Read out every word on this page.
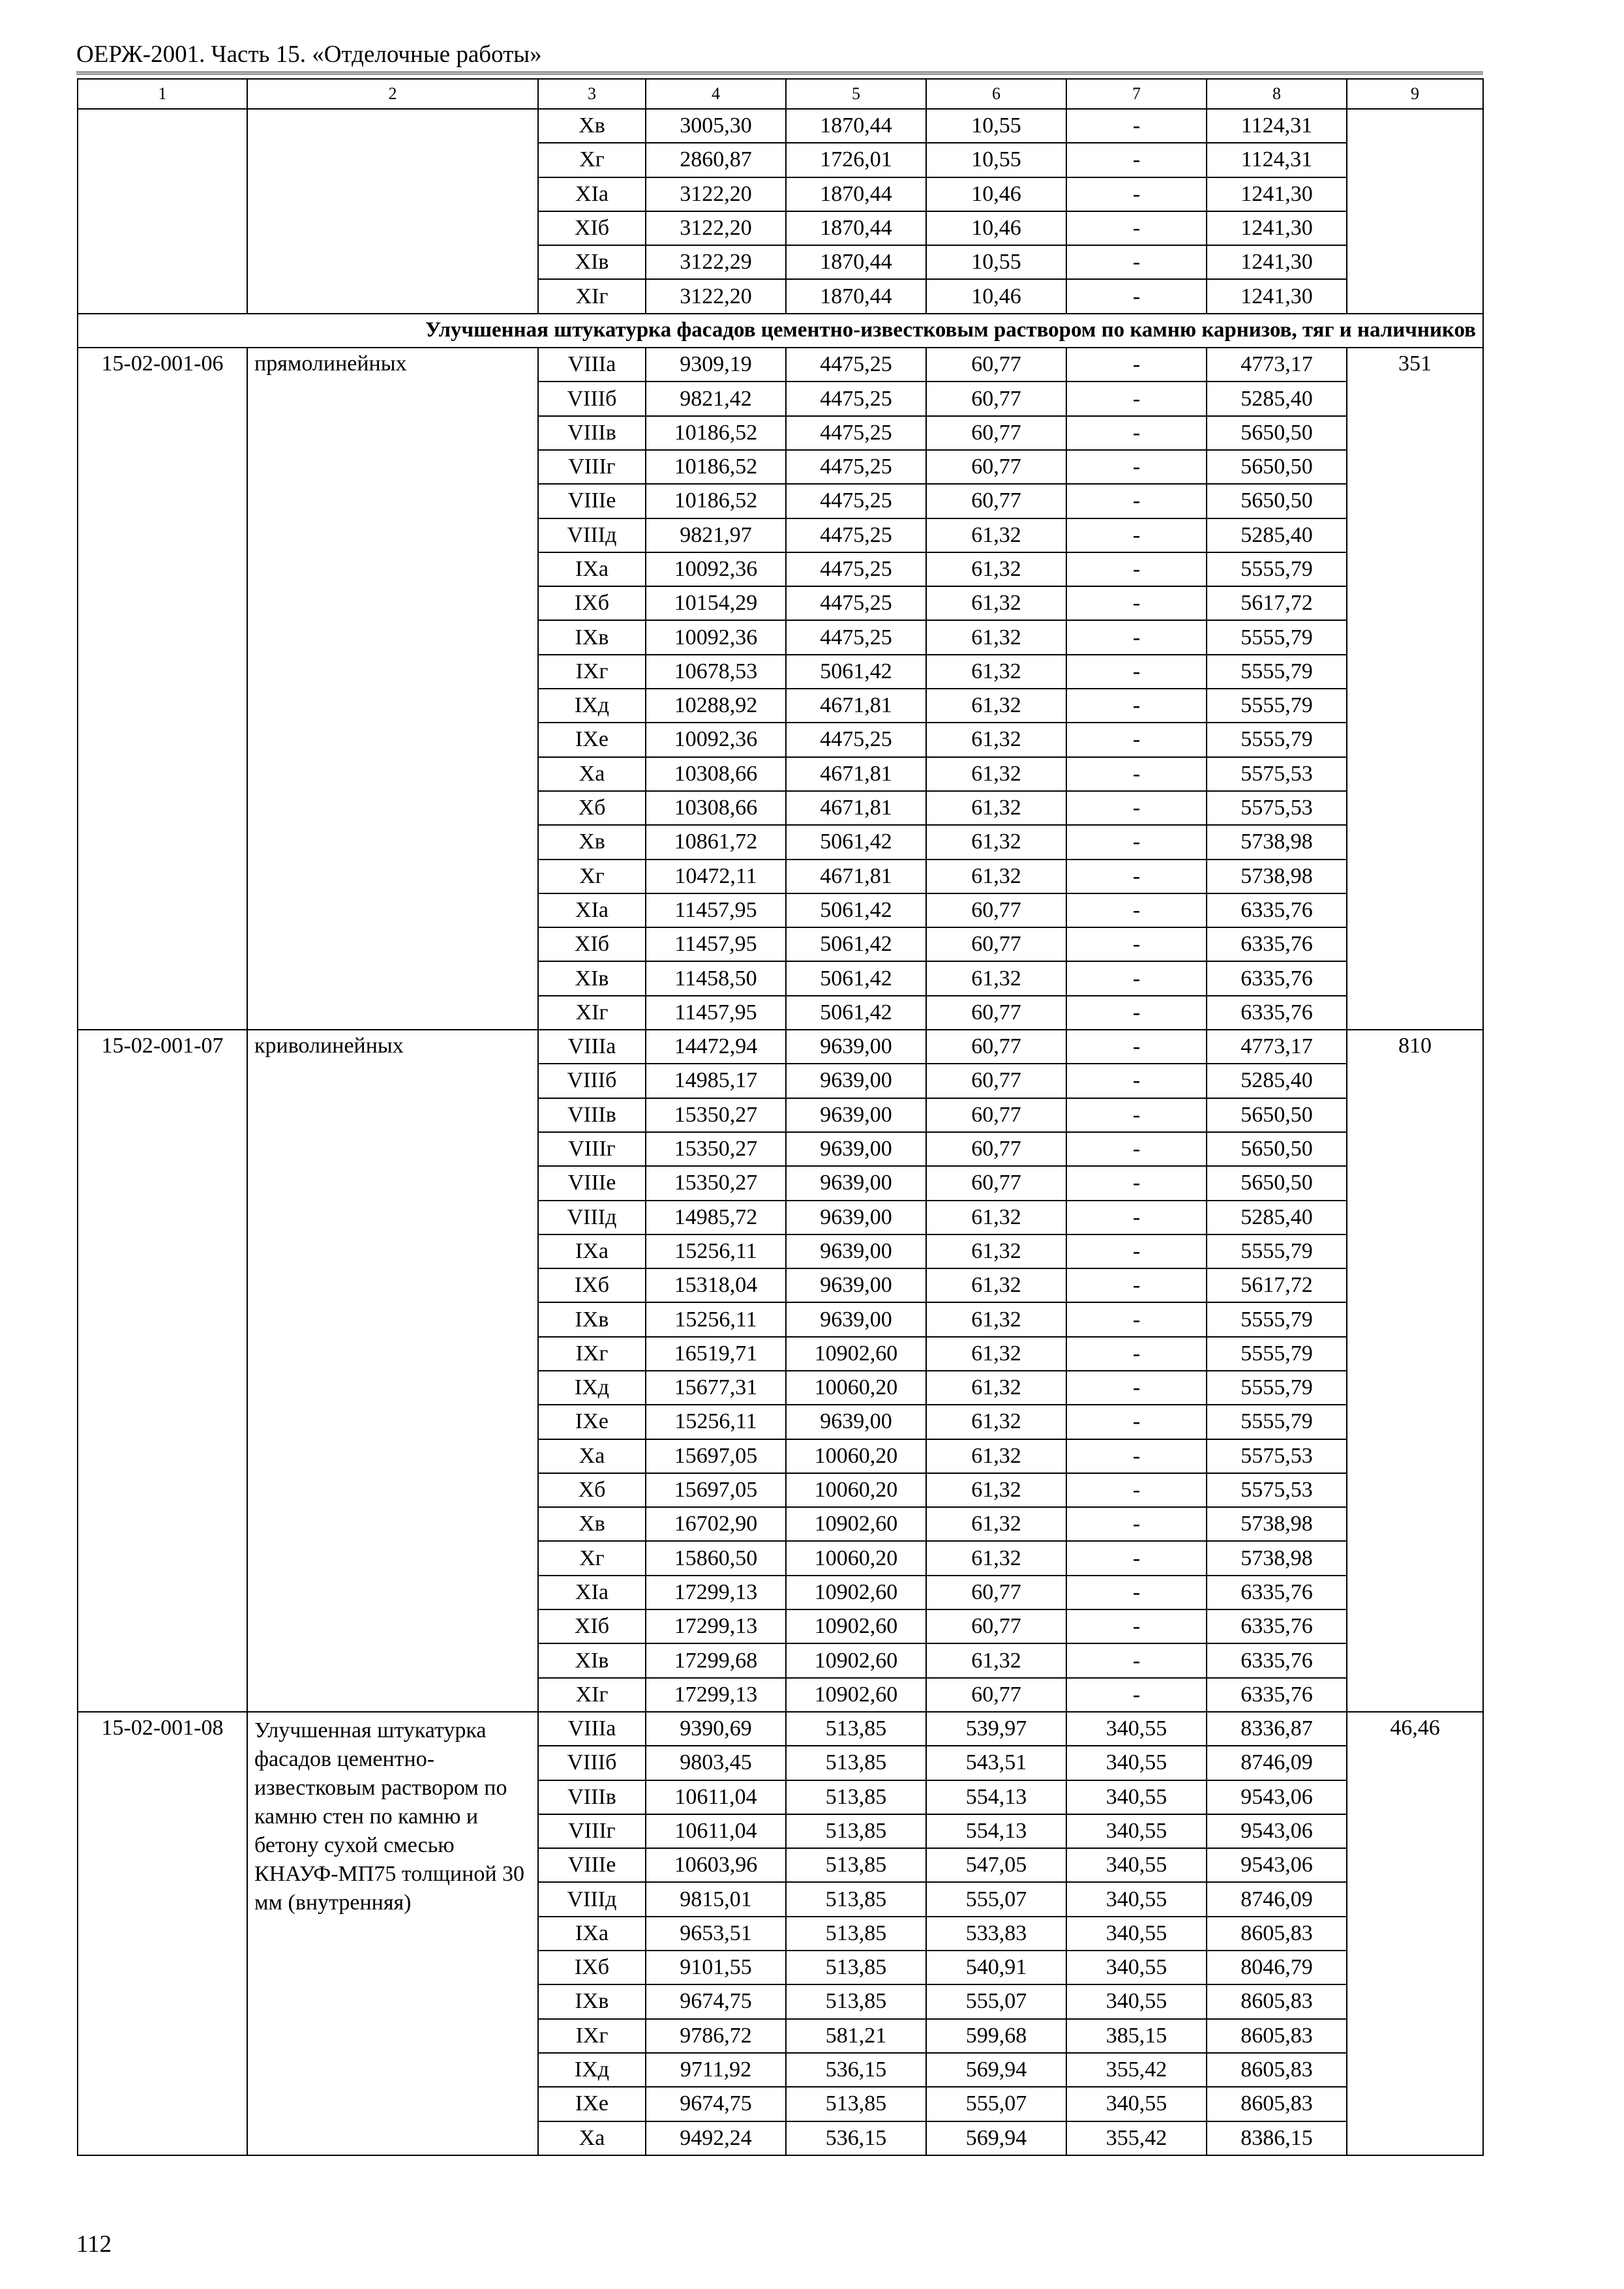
ОЕРЖ-2001. Часть 15. «Отделочные работы»
1	2	3	4	5	6	7	8	9
		Хв	3005,30	1870,44	10,55	-	1124,31	
		Хг	2860,87	1726,01	10,55	-	1124,31	
		XIа	3122,20	1870,44	10,46	-	1241,30	
		XIб	3122,20	1870,44	10,46	-	1241,30	
		XIв	3122,29	1870,44	10,55	-	1241,30	
		XIг	3122,20	1870,44	10,46	-	1241,30	
Улучшенная штукатурка фасадов цементно-известковым раствором по камню карнизов, тяг и наличников								
15-02-001-06	прямолинейных	VIIIа	9309,19	4475,25	60,77	-	4773,17	351
		VIIIб	9821,42	4475,25	60,77	-	5285,40	
		VIIIв	10186,52	4475,25	60,77	-	5650,50	
		VIIIг	10186,52	4475,25	60,77	-	5650,50	
		VIIIе	10186,52	4475,25	60,77	-	5650,50	
		VIIIд	9821,97	4475,25	61,32	-	5285,40	
		IXа	10092,36	4475,25	61,32	-	5555,79	
		IXб	10154,29	4475,25	61,32	-	5617,72	
		IXв	10092,36	4475,25	61,32	-	5555,79	
		IXг	10678,53	5061,42	61,32	-	5555,79	
		IXд	10288,92	4671,81	61,32	-	5555,79	
		IXе	10092,36	4475,25	61,32	-	5555,79	
		Ха	10308,66	4671,81	61,32	-	5575,53	
		Хб	10308,66	4671,81	61,32	-	5575,53	
		Хв	10861,72	5061,42	61,32	-	5738,98	
		Хг	10472,11	4671,81	61,32	-	5738,98	
		XIа	11457,95	5061,42	60,77	-	6335,76	
		XIб	11457,95	5061,42	60,77	-	6335,76	
		XIв	11458,50	5061,42	61,32	-	6335,76	
		XIг	11457,95	5061,42	60,77	-	6335,76	
15-02-001-07	криволинейных	VIIIа	14472,94	9639,00	60,77	-	4773,17	810
		VIIIб	14985,17	9639,00	60,77	-	5285,40	
		VIIIв	15350,27	9639,00	60,77	-	5650,50	
		VIIIг	15350,27	9639,00	60,77	-	5650,50	
		VIIIе	15350,27	9639,00	60,77	-	5650,50	
		VIIIд	14985,72	9639,00	61,32	-	5285,40	
		IXа	15256,11	9639,00	61,32	-	5555,79	
		IXб	15318,04	9639,00	61,32	-	5617,72	
		IXв	15256,11	9639,00	61,32	-	5555,79	
		IXг	16519,71	10902,60	61,32	-	5555,79	
		IXд	15677,31	10060,20	61,32	-	5555,79	
		IXе	15256,11	9639,00	61,32	-	5555,79	
		Ха	15697,05	10060,20	61,32	-	5575,53	
		Хб	15697,05	10060,20	61,32	-	5575,53	
		Хв	16702,90	10902,60	61,32	-	5738,98	
		Хг	15860,50	10060,20	61,32	-	5738,98	
		XIа	17299,13	10902,60	60,77	-	6335,76	
		XIб	17299,13	10902,60	60,77	-	6335,76	
		XIв	17299,68	10902,60	61,32	-	6335,76	
		XIг	17299,13	10902,60	60,77	-	6335,76	
15-02-001-08	Улучшенная штукатурка фасадов цементно-известковым раствором по камню стен по камню и бетону сухой смесью КНАУФ-МП75 толщиной 30 мм (внутренняя)	VIIIа	9390,69	513,85	539,97	340,55	8336,87	46,46
		VIIIб	9803,45	513,85	543,51	340,55	8746,09	
		VIIIв	10611,04	513,85	554,13	340,55	9543,06	
		VIIIг	10611,04	513,85	554,13	340,55	9543,06	
		VIIIе	10603,96	513,85	547,05	340,55	9543,06	
		VIIIд	9815,01	513,85	555,07	340,55	8746,09	
		IXа	9653,51	513,85	533,83	340,55	8605,83	
		IXб	9101,55	513,85	540,91	340,55	8046,79	
		IXв	9674,75	513,85	555,07	340,55	8605,83	
		IXг	9786,72	581,21	599,68	385,15	8605,83	
		IXд	9711,92	536,15	569,94	355,42	8605,83	
		IXе	9674,75	513,85	555,07	340,55	8605,83	
		Ха	9492,24	536,15	569,94	355,42	8386,15	
112
